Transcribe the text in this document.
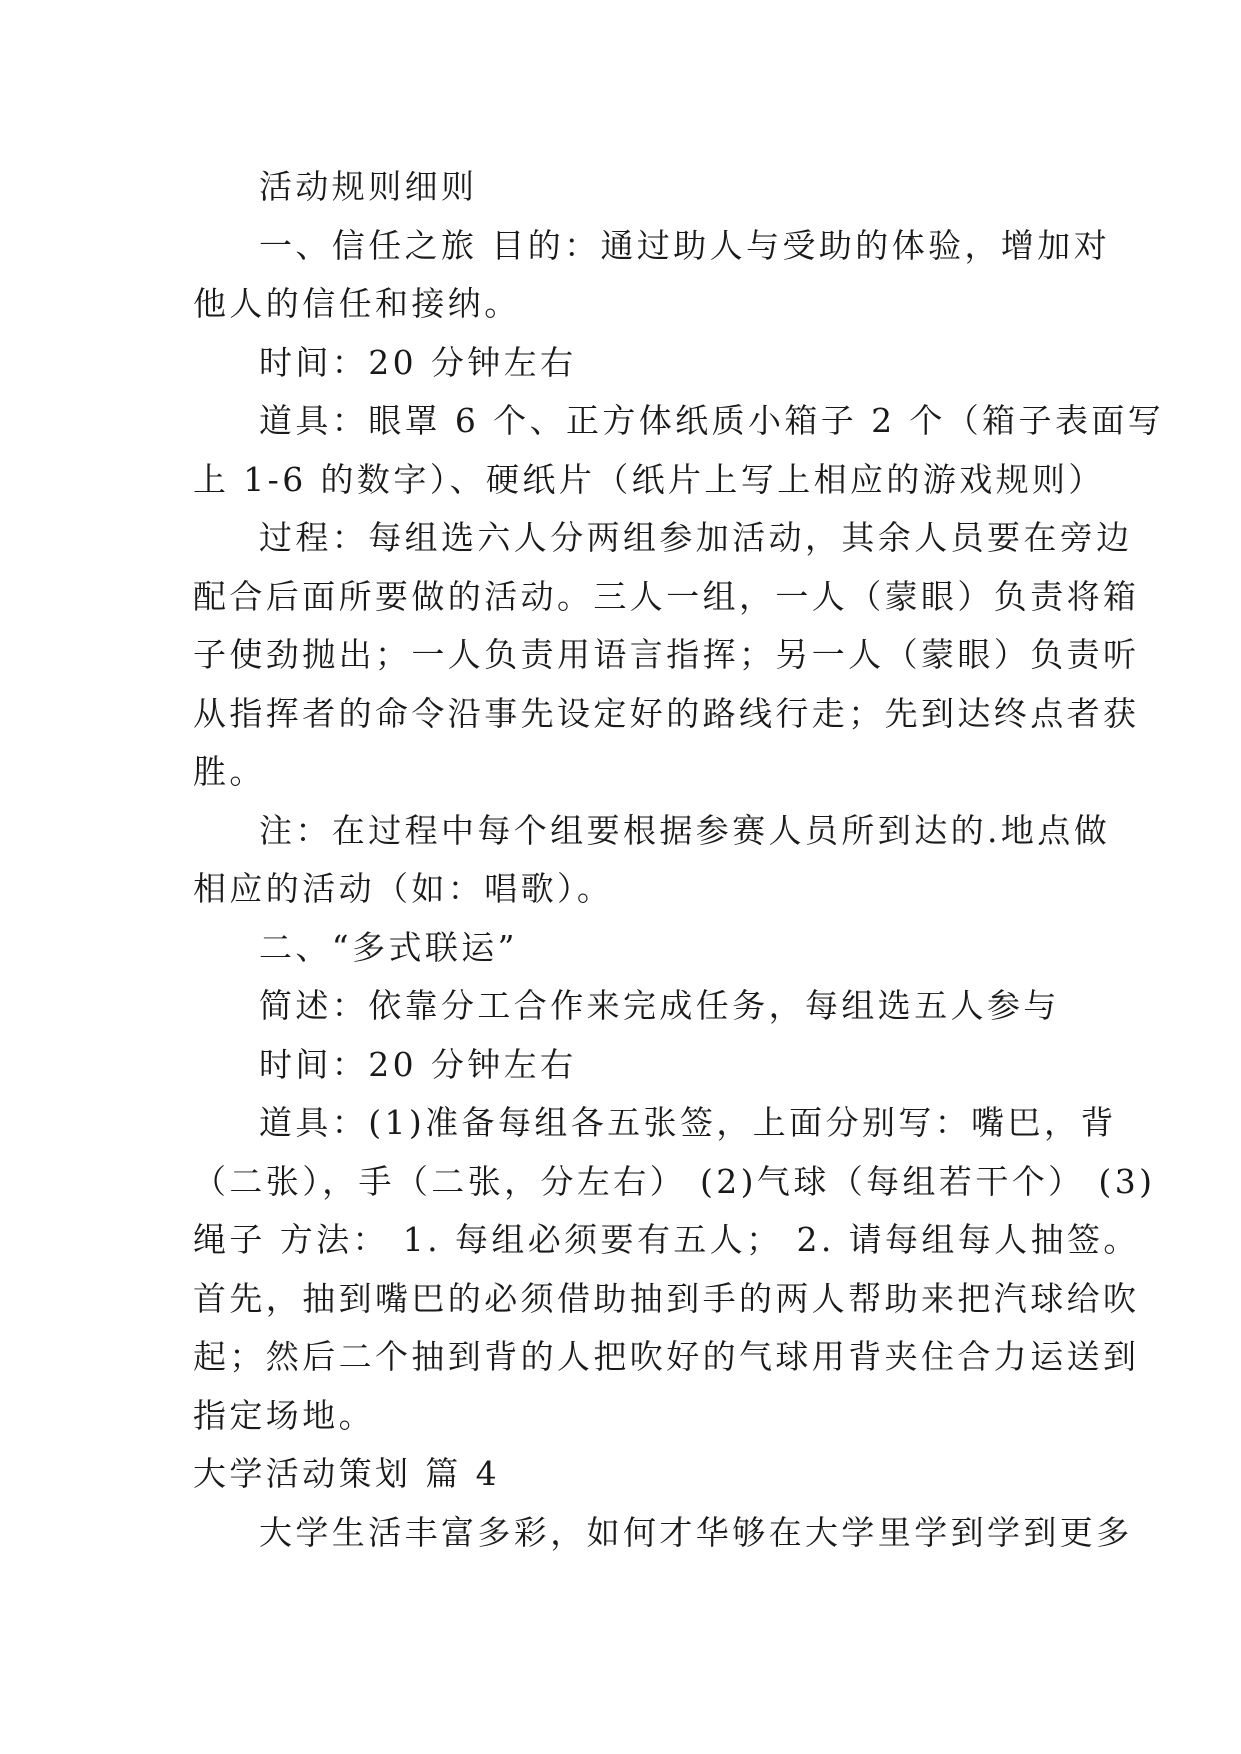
活动规则细则

一、信任之旅 目的：通过助人与受助的体验，增加对
他人的信任和接纳。

时间：20 分钟左右

道具：眼罩 6 个、正方体纸质小箱子 2 个（箱子表面写
上 1-6 的数字）、硬纸片（纸片上写上相应的游戏规则）

过程：每组选六人分两组参加活动，其余人员要在旁边
配合后面所要做的活动。三人一组，一人（蒙眼）负责将箱
子使劲抛出；一人负责用语言指挥；另一人（蒙眼）负责听
从指挥者的命令沿事先设定好的路线行走；先到达终点者获
胜。

注：在过程中每个组要根据参赛人员所到达的.地点做
相应的活动（如：唱歌）。

二、“多式联运”

简述：依靠分工合作来完成任务，每组选五人参与

时间：20 分钟左右

道具：(1)准备每组各五张签，上面分别写：嘴巴，背
（二张），手（二张，分左右） (2)气球（每组若干个） (3)
绳子 方法： 1. 每组必须要有五人； 2. 请每组每人抽签。
首先，抽到嘴巴的必须借助抽到手的两人帮助来把汽球给吹
起；然后二个抽到背的人把吹好的气球用背夹住合力运送到
指定场地。

大学活动策划 篇 4

大学生活丰富多彩，如何才华够在大学里学到学到更多
